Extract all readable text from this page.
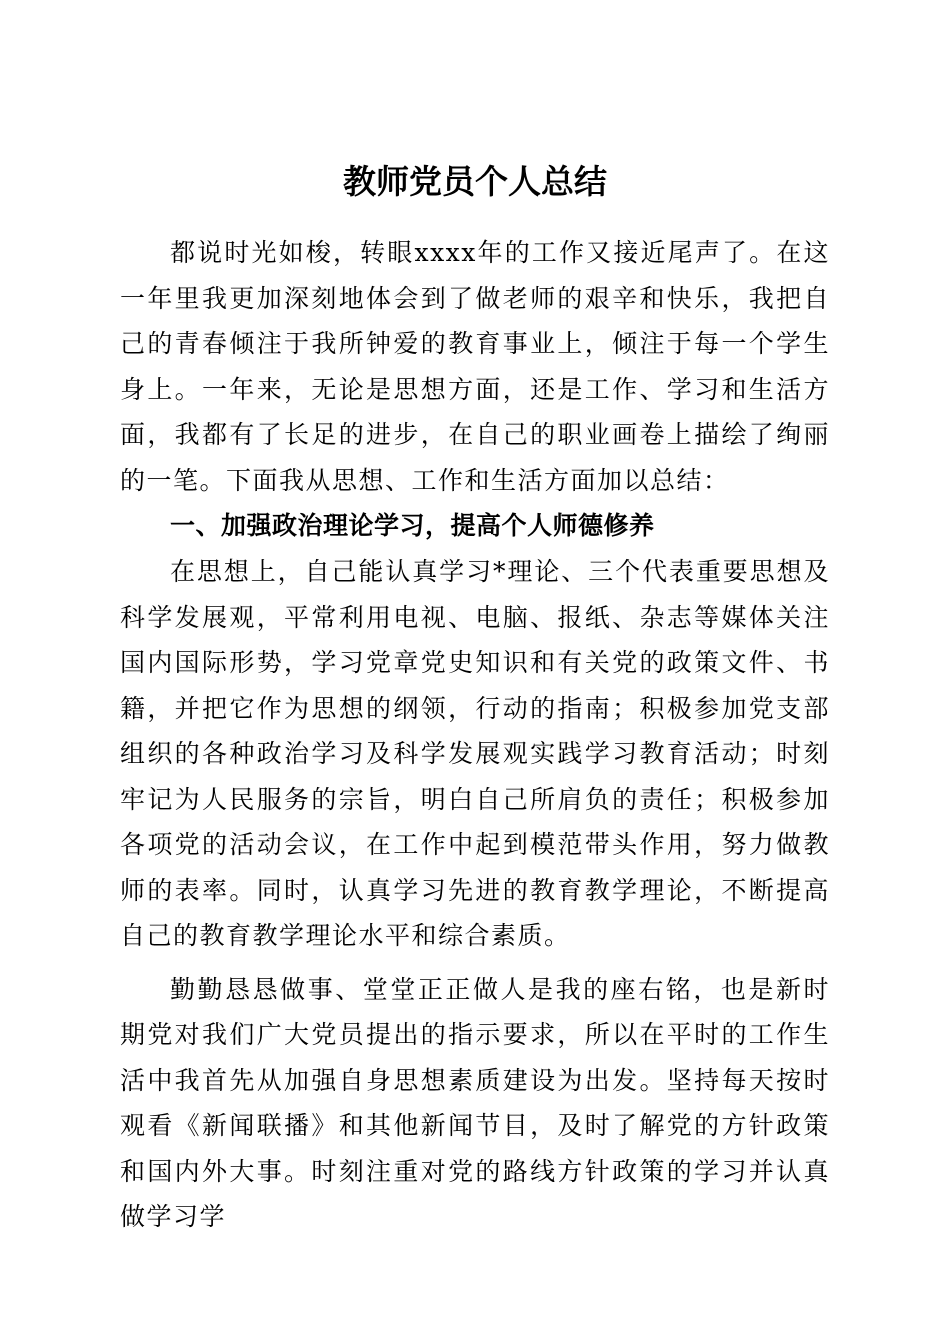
教师党员个人总结

都说时光如梭，转眼xxxx年的工作又接近尾声了。在这一年里我更加深刻地体会到了做老师的艰辛和快乐，我把自己的青春倾注于我所钟爱的教育事业上，倾注于每一个学生身上。一年来，无论是思想方面，还是工作、学习和生活方面，我都有了长足的进步，在自己的职业画卷上描绘了绚丽的一笔。下面我从思想、工作和生活方面加以总结：

一、加强政治理论学习，提高个人师德修养

在思想上，自己能认真学习*理论、三个代表重要思想及科学发展观，平常利用电视、电脑、报纸、杂志等媒体关注国内国际形势，学习党章党史知识和有关党的政策文件、书籍，并把它作为思想的纲领，行动的指南；积极参加党支部组织的各种政治学习及科学发展观实践学习教育活动；时刻牢记为人民服务的宗旨，明白自己所肩负的责任；积极参加各项党的活动会议，在工作中起到模范带头作用，努力做教师的表率。同时，认真学习先进的教育教学理论，不断提高自己的教育教学理论水平和综合素质。

勤勤恳恳做事、堂堂正正做人是我的座右铭，也是新时期党对我们广大党员提出的指示要求，所以在平时的工作生活中我首先从加强自身思想素质建设为出发。坚持每天按时观看《新闻联播》和其他新闻节目，及时了解党的方针政策和国内外大事。时刻注重对党的路线方针政策的学习并认真做学习学
